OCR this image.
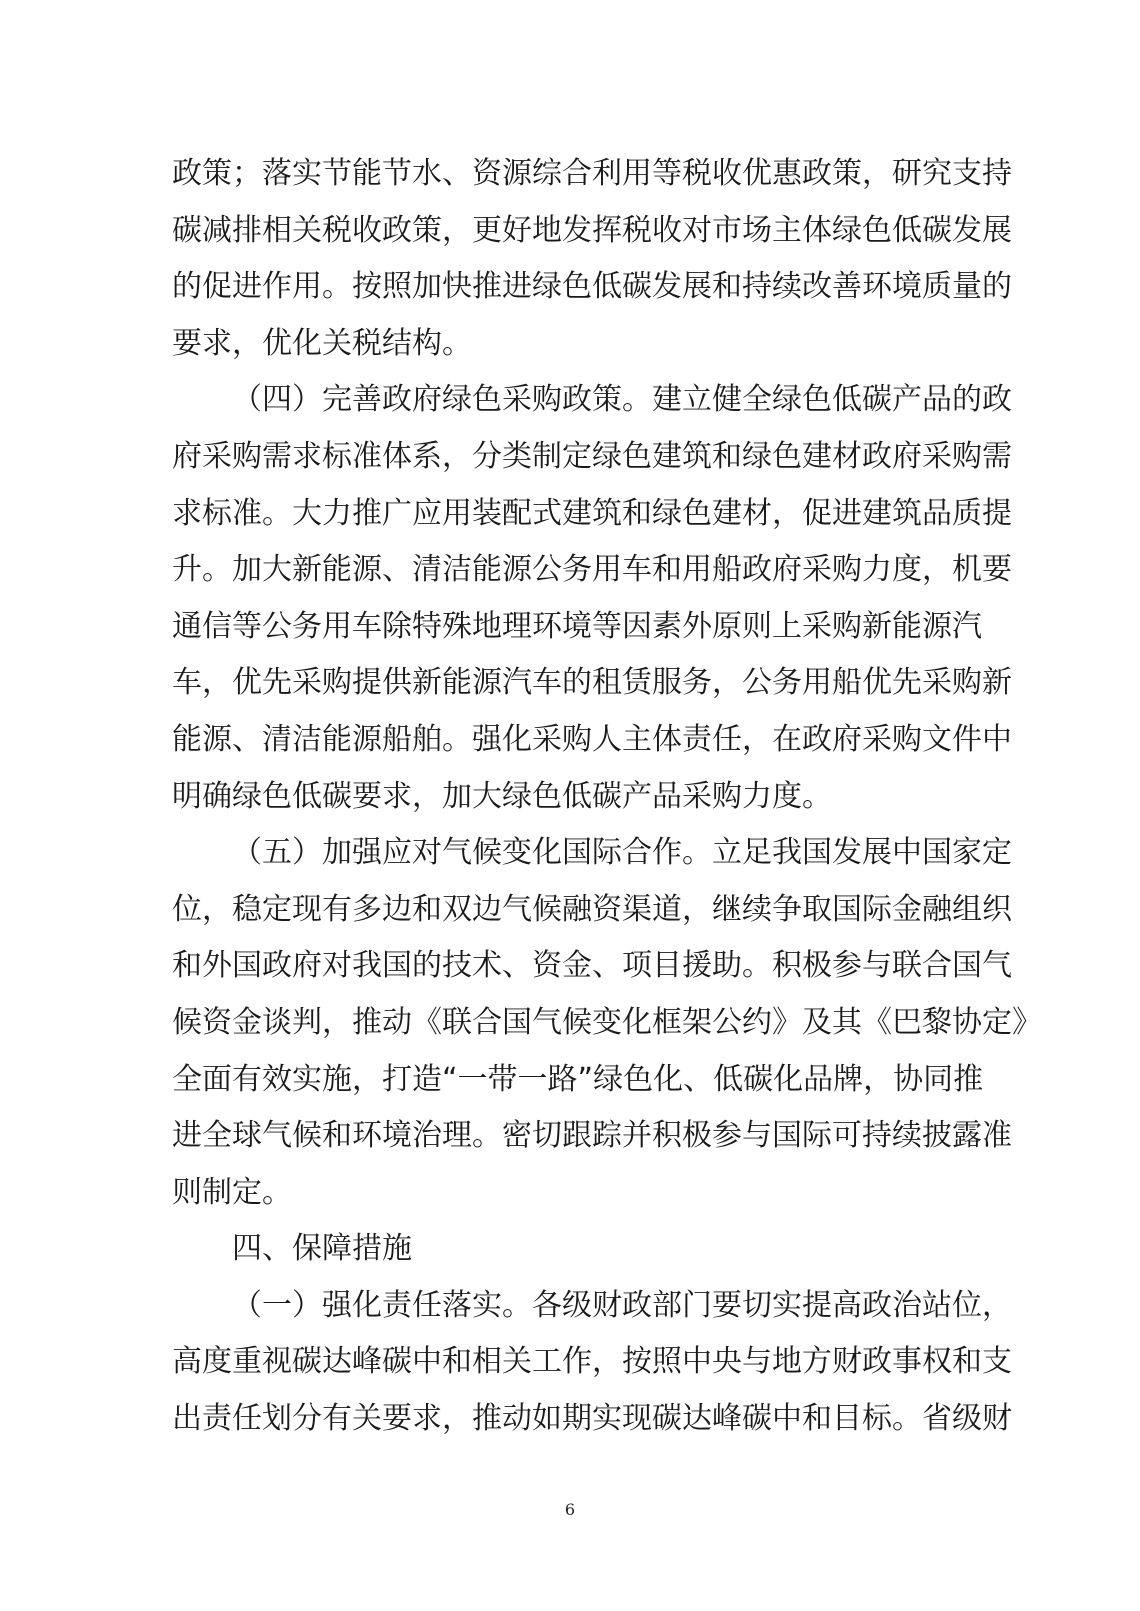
政策；落实节能节水、资源综合利用等税收优惠政策，研究支持
碳减排相关税收政策，更好地发挥税收对市场主体绿色低碳发展
的促进作用。按照加快推进绿色低碳发展和持续改善环境质量的
要求，优化关税结构。
（四）完善政府绿色采购政策。建立健全绿色低碳产品的政
府采购需求标准体系，分类制定绿色建筑和绿色建材政府采购需
求标准。大力推广应用装配式建筑和绿色建材，促进建筑品质提
升。加大新能源、清洁能源公务用车和用船政府采购力度，机要
通信等公务用车除特殊地理环境等因素外原则上采购新能源汽
车，优先采购提供新能源汽车的租赁服务，公务用船优先采购新
能源、清洁能源船舶。强化采购人主体责任，在政府采购文件中
明确绿色低碳要求，加大绿色低碳产品采购力度。
（五）加强应对气候变化国际合作。立足我国发展中国家定
位，稳定现有多边和双边气候融资渠道，继续争取国际金融组织
和外国政府对我国的技术、资金、项目援助。积极参与联合国气
候资金谈判，推动《联合国气候变化框架公约》及其《巴黎协定》
全面有效实施，打造“一带一路”绿色化、低碳化品牌，协同推
进全球气候和环境治理。密切跟踪并积极参与国际可持续披露准
则制定。
四、保障措施
（一）强化责任落实。各级财政部门要切实提高政治站位，
高度重视碳达峰碳中和相关工作，按照中央与地方财政事权和支
出责任划分有关要求，推动如期实现碳达峰碳中和目标。省级财
6
